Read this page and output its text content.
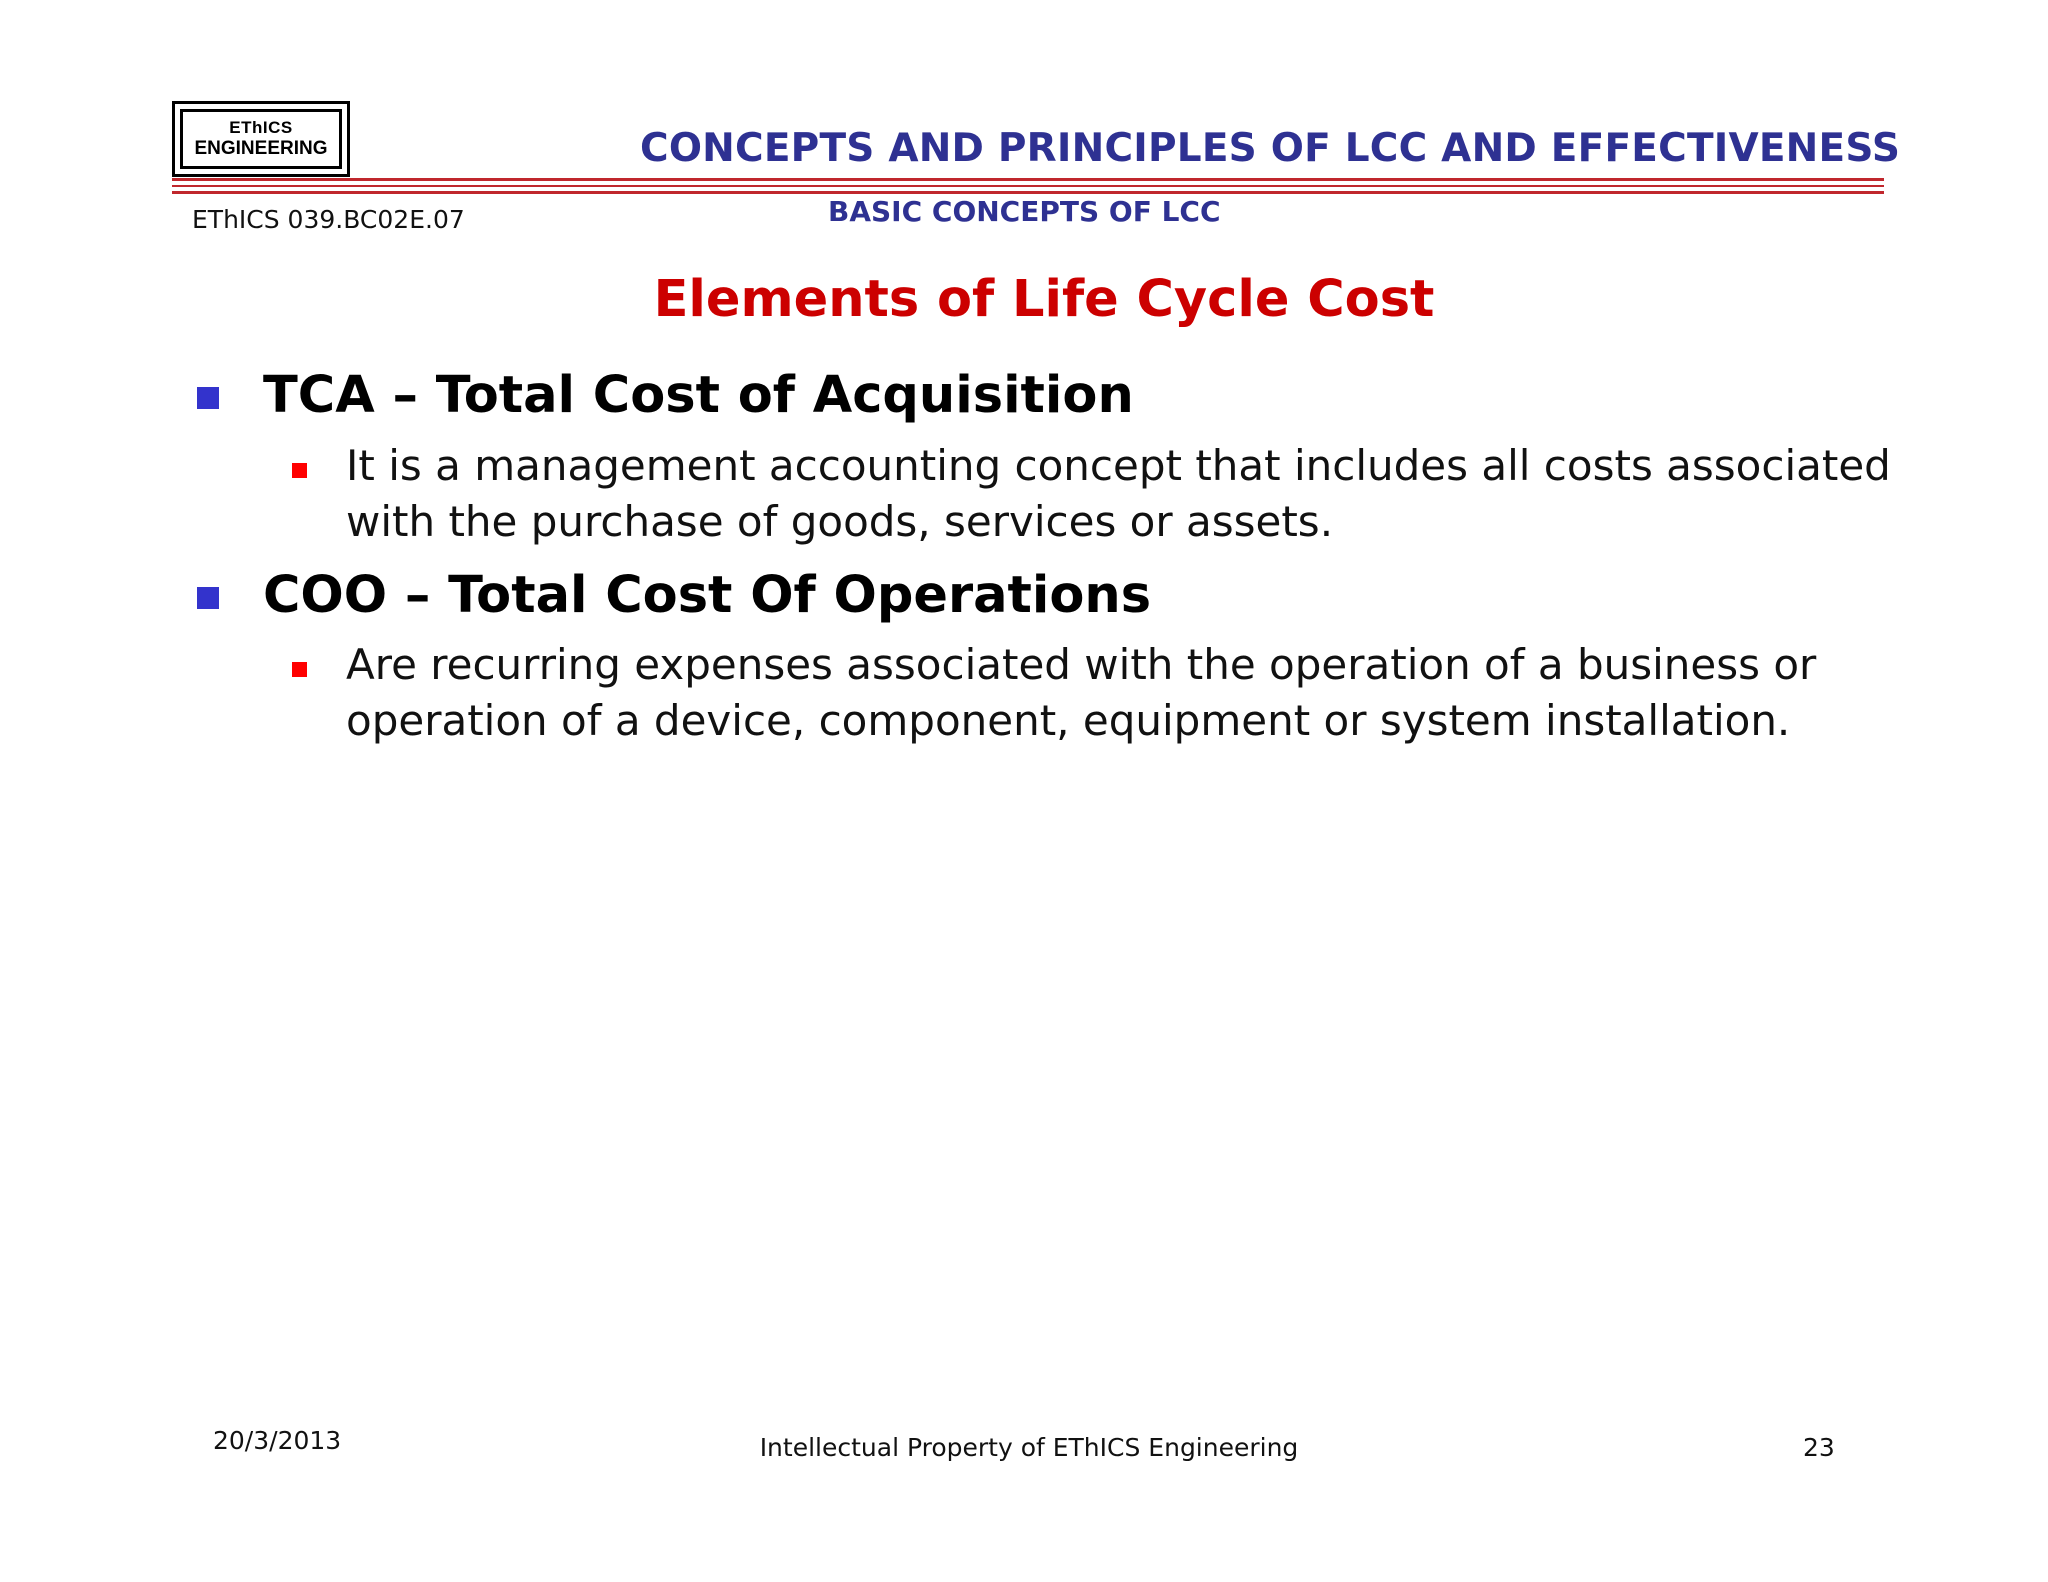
EThICS
ENGINEERING	CONCEPTS AND PRINCIPLES OF LCC AND EFFECTIVENESS
EThICS 039.BC02E.07	BASIC CONCEPTS OF LCC
Elements of Life Cycle Cost
TCA – Total Cost of Acquisition
It is a management accounting concept that includes all costs associated
with the purchase of goods, services or assets.
COO – Total Cost Of Operations
Are recurring expenses associated with the operation of a business or
operation of a device, component, equipment or system installation.
20/3/2013	Intellectual Property of EThICS Engineering	23
